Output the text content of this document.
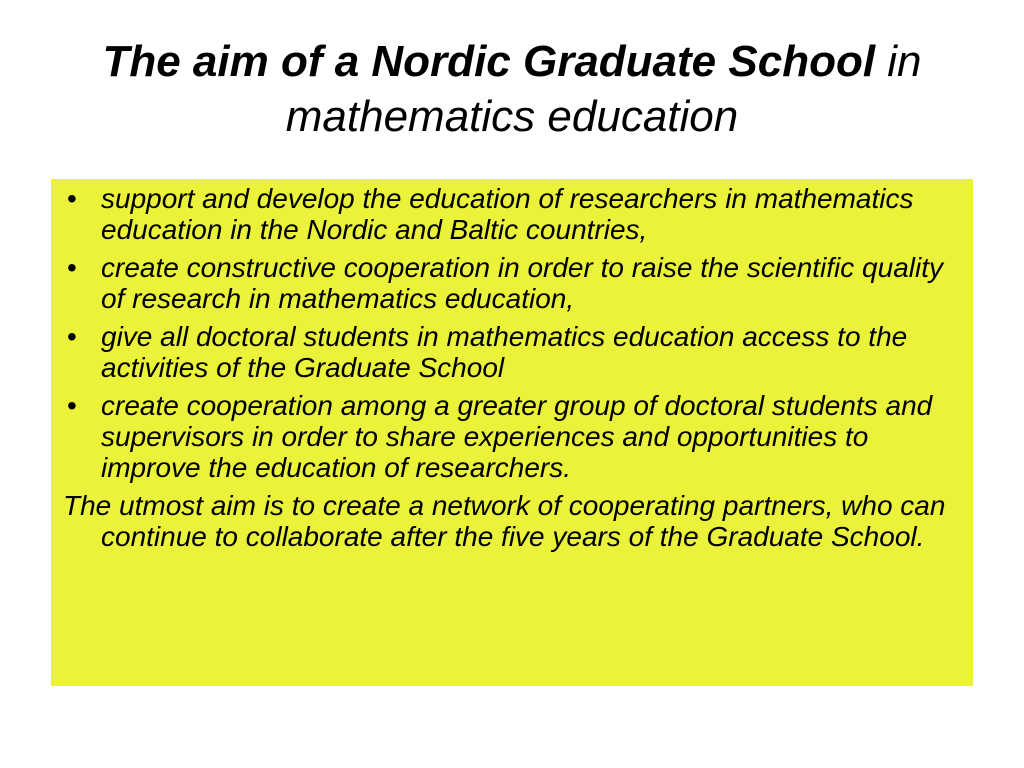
The aim of a Nordic Graduate School in mathematics education
• support and develop the education of researchers in mathematics education in the Nordic and Baltic countries,
• create constructive cooperation in order to raise the scientific quality of research in mathematics education,
• give all doctoral students in mathematics education access to the activities of the Graduate School
• create cooperation among a greater group of doctoral students and supervisors in order to share experiences and opportunities to improve the education of researchers.

The utmost aim is to create a network of cooperating partners, who can continue to collaborate after the five years of the Graduate School.
